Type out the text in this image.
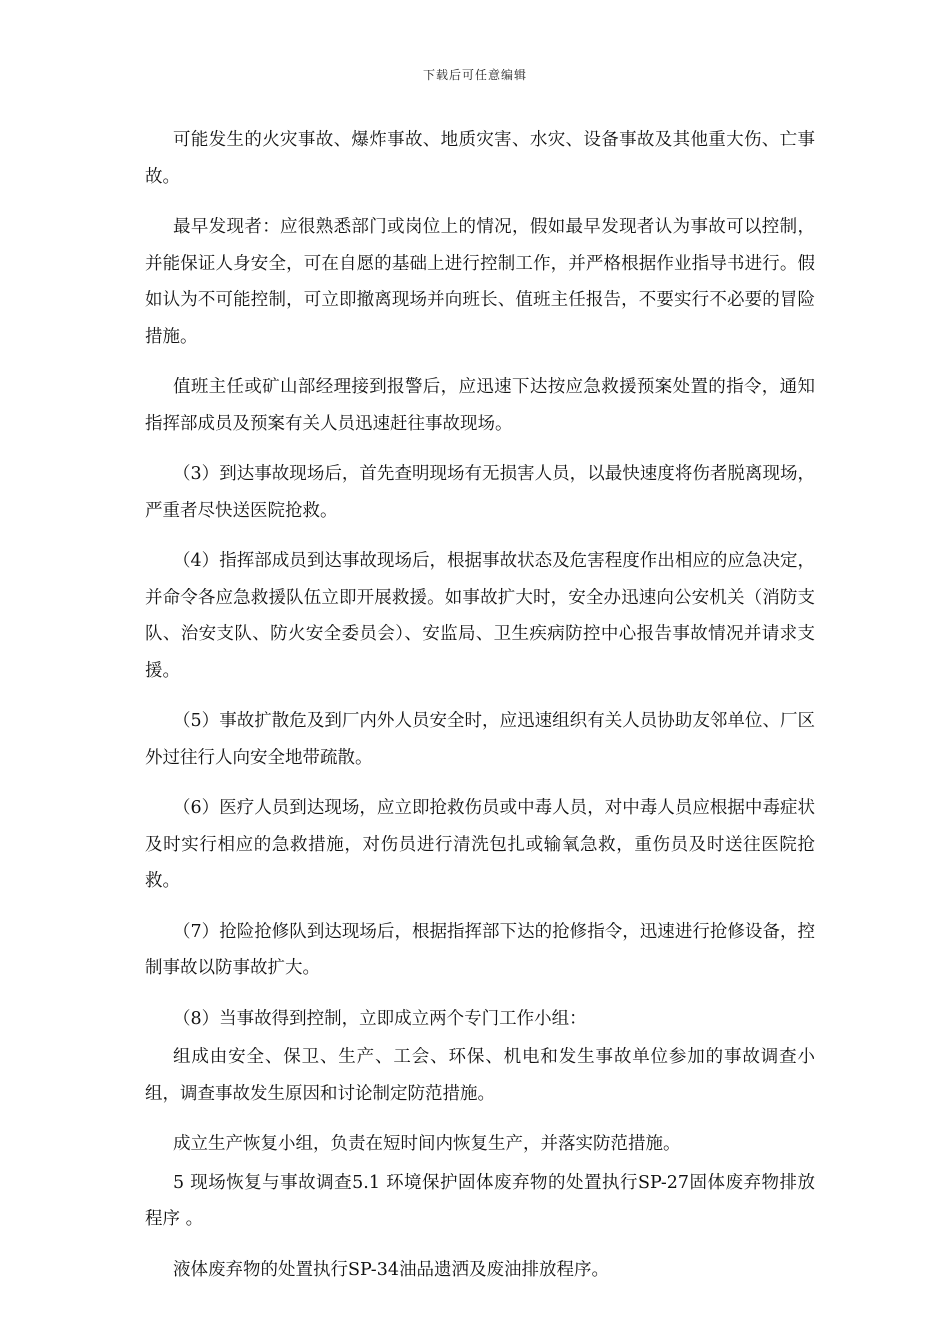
下载后可任意编辑

可能发生的火灾事故、爆炸事故、地质灾害、水灾、设备事故及其他重大伤、亡事故。

最早发现者：应很熟悉部门或岗位上的情况，假如最早发现者认为事故可以控制，并能保证人身安全，可在自愿的基础上进行控制工作，并严格根据作业指导书进行。假如认为不可能控制，可立即撤离现场并向班长、值班主任报告，不要实行不必要的冒险措施。

值班主任或矿山部经理接到报警后，应迅速下达按应急救援预案处置的指令，通知指挥部成员及预案有关人员迅速赶往事故现场。

（3）到达事故现场后，首先查明现场有无损害人员，以最快速度将伤者脱离现场，严重者尽快送医院抢救。

（4）指挥部成员到达事故现场后，根据事故状态及危害程度作出相应的应急决定，并命令各应急救援队伍立即开展救援。如事故扩大时，安全办迅速向公安机关（消防支队、治安支队、防火安全委员会）、安监局、卫生疾病防控中心报告事故情况并请求支援。

（5）事故扩散危及到厂内外人员安全时，应迅速组织有关人员协助友邻单位、厂区外过往行人向安全地带疏散。

（6）医疗人员到达现场，应立即抢救伤员或中毒人员，对中毒人员应根据中毒症状及时实行相应的急救措施，对伤员进行清洗包扎或输氧急救，重伤员及时送往医院抢救。

（7）抢险抢修队到达现场后，根据指挥部下达的抢修指令，迅速进行抢修设备，控制事故以防事故扩大。

（8）当事故得到控制，立即成立两个专门工作小组：

组成由安全、保卫、生产、工会、环保、机电和发生事故单位参加的事故调查小组，调查事故发生原因和讨论制定防范措施。

成立生产恢复小组，负责在短时间内恢复生产，并落实防范措施。

5 现场恢复与事故调查5.1 环境保护固体废弃物的处置执行SP-27固体废弃物排放程序 。

液体废弃物的处置执行SP-34油品遗洒及废油排放程序。
